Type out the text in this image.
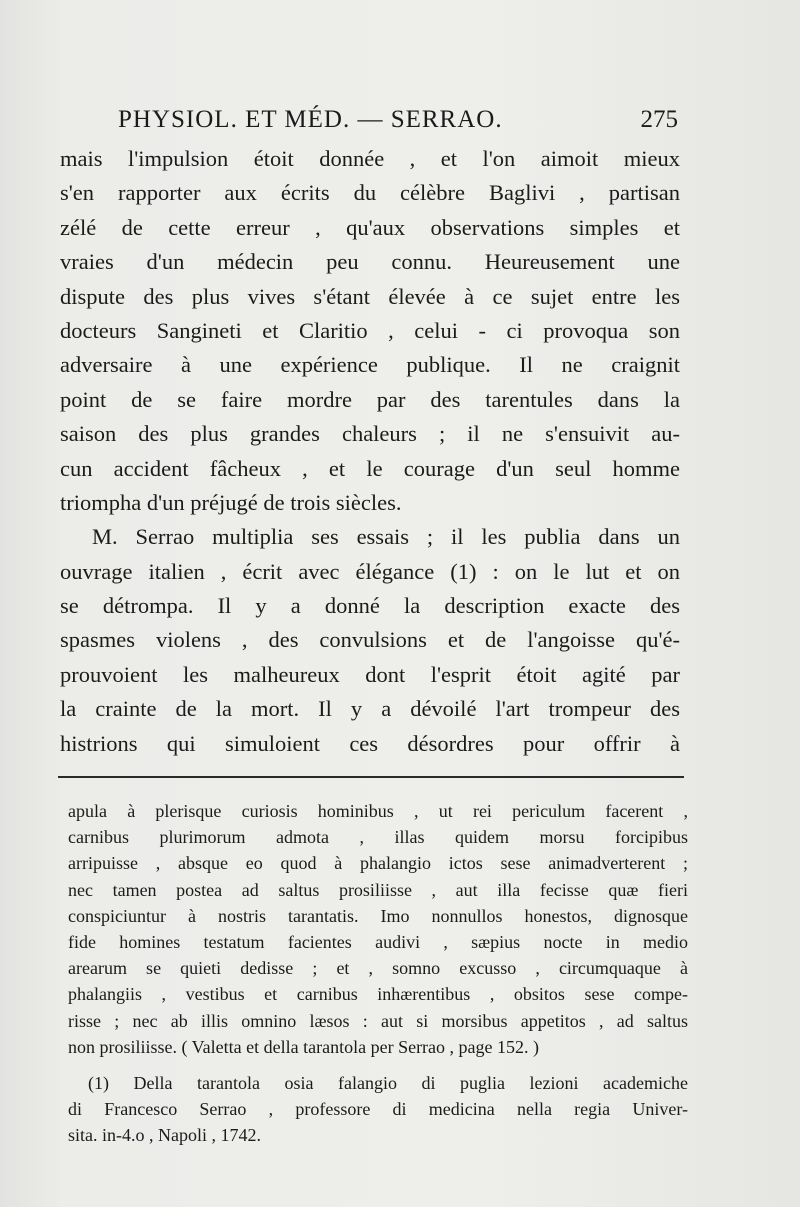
PHYSIOL. ET MÉD. — SERRAO.	275
mais l'impulsion étoit donnée , et l'on aimoit mieux
s'en rapporter aux écrits du célèbre Baglivi , partisan
zélé de cette erreur , qu'aux observations simples et
vraies d'un médecin peu connu. Heureusement une
dispute des plus vives s'étant élevée à ce sujet entre les
docteurs Sangineti et Claritio , celui - ci provoqua son
adversaire à une expérience publique. Il ne craignit
point de se faire mordre par des tarentules dans la
saison des plus grandes chaleurs ; il ne s'ensuivit au-
cun accident fâcheux , et le courage d'un seul homme
triompha d'un préjugé de trois siècles.
M. Serrao multiplia ses essais ; il les publia dans un
ouvrage italien , écrit avec élégance (1) : on le lut et on
se détrompa. Il y a donné la description exacte des
spasmes violens , des convulsions et de l'angoisse qu'é-
prouvoient les malheureux dont l'esprit étoit agité par
la crainte de la mort. Il y a dévoilé l'art trompeur des
histrions qui simuloient ces désordres pour offrir à
apula à plerisque curiosis hominibus , ut rei periculum facerent ,
carnibus plurimorum admota , illas quidem morsu forcipibus
arripuisse , absque eo quod à phalangio ictos sese animadverterent ;
nec tamen postea ad saltus prosiliisse , aut illa fecisse quæ fieri
conspiciuntur à nostris tarantatis. Imo nonnullos honestos, dignosque
fide homines testatum facientes audivi , sæpius nocte in medio
arearum se quieti dedisse ; et , somno excusso , circumquaque à
phalangiis , vestibus et carnibus inhærentibus , obsitos sese compe-
risse ; nec ab illis omnino læsos : aut si morsibus appetitos , ad saltus
non prosiliisse. ( Valetta et della tarantola per Serrao , page 152. )
(1) Della tarantola osia falangio di puglia lezioni academiche
di Francesco Serrao , professore di medicina nella regia Univer-
sita. in-4.o , Napoli , 1742.
